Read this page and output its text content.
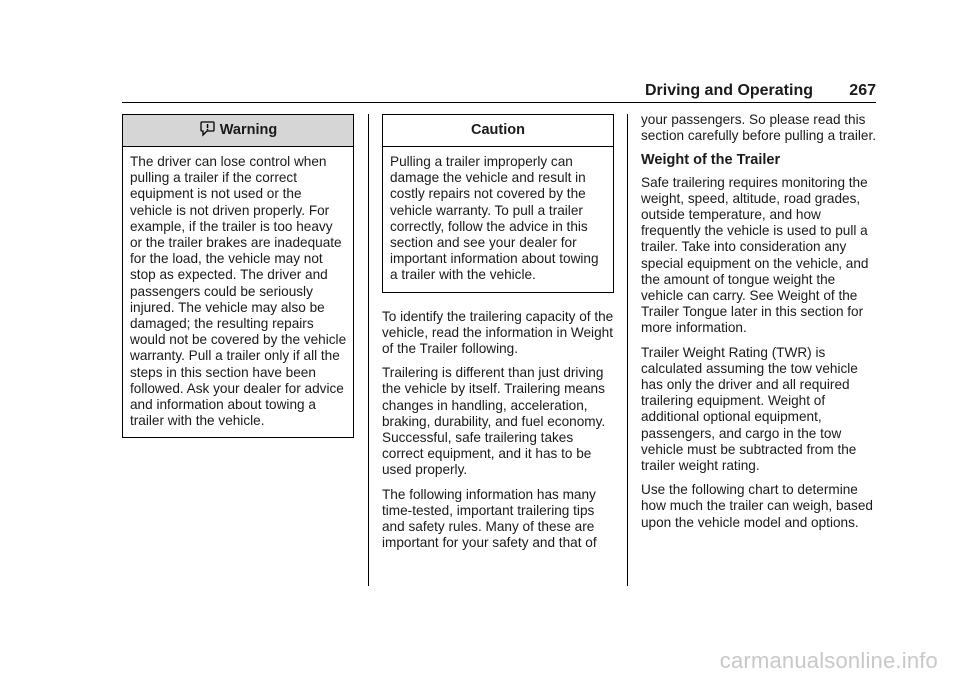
Driving and Operating 267
Warning
The driver can lose control when pulling a trailer if the correct equipment is not used or the vehicle is not driven properly. For example, if the trailer is too heavy or the trailer brakes are inadequate for the load, the vehicle may not stop as expected. The driver and passengers could be seriously injured. The vehicle may also be damaged; the resulting repairs would not be covered by the vehicle warranty. Pull a trailer only if all the steps in this section have been followed. Ask your dealer for advice and information about towing a trailer with the vehicle.
Caution
Pulling a trailer improperly can damage the vehicle and result in costly repairs not covered by the vehicle warranty. To pull a trailer correctly, follow the advice in this section and see your dealer for important information about towing a trailer with the vehicle.

To identify the trailering capacity of the vehicle, read the information in Weight of the Trailer following.

Trailering is different than just driving the vehicle by itself. Trailering means changes in handling, acceleration, braking, durability, and fuel economy. Successful, safe trailering takes correct equipment, and it has to be used properly.

The following information has many time-tested, important trailering tips and safety rules. Many of these are important for your safety and that of

your passengers. So please read this section carefully before pulling a trailer.

Weight of the Trailer

Safe trailering requires monitoring the weight, speed, altitude, road grades, outside temperature, and how frequently the vehicle is used to pull a trailer. Take into consideration any special equipment on the vehicle, and the amount of tongue weight the vehicle can carry. See Weight of the Trailer Tongue later in this section for more information.

Trailer Weight Rating (TWR) is calculated assuming the tow vehicle has only the driver and all required trailering equipment. Weight of additional optional equipment, passengers, and cargo in the tow vehicle must be subtracted from the trailer weight rating.

Use the following chart to determine how much the trailer can weigh, based upon the vehicle model and options.

carmanualsonline.info
